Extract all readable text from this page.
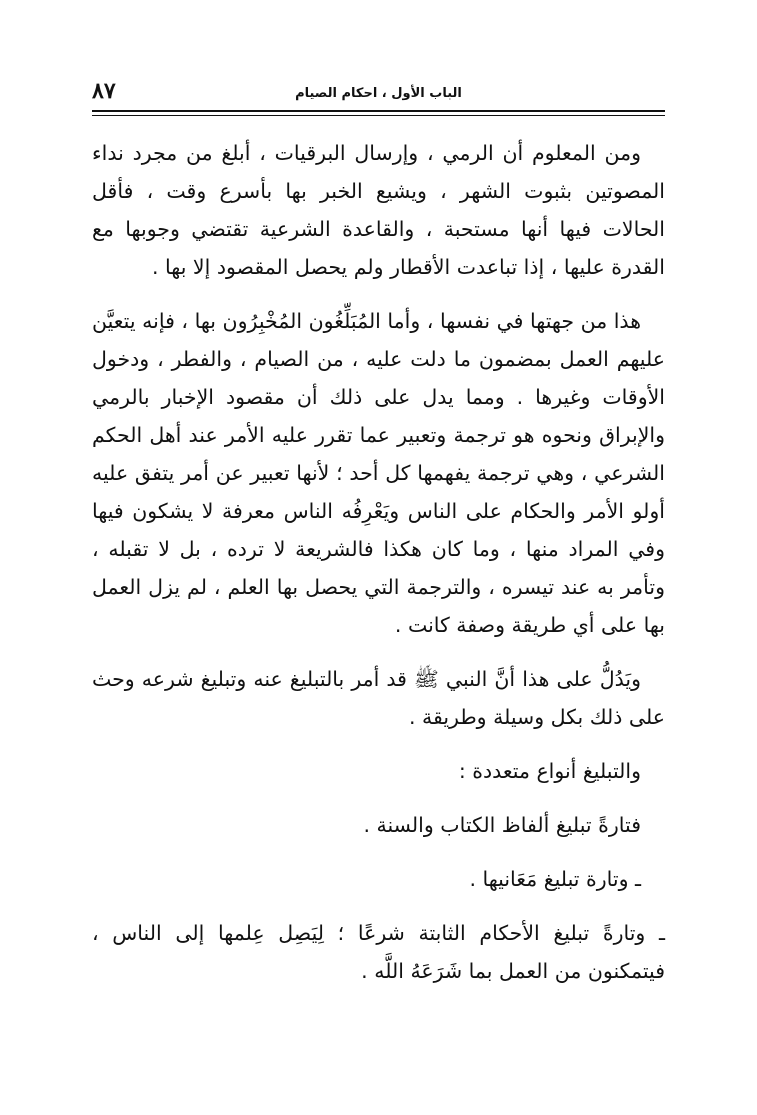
٨٧	الباب الأول ، احكام الصيام

ومن المعلوم أن الرمي ، وإرسال البرقيات ، أبلغ من مجرد نداء المصوتين بثبوت الشهر ، ويشيع الخبر بها بأسرع وقت ، فأقل الحالات فيها أنها مستحبة ، والقاعدة الشرعية تقتضي وجوبها مع القدرة عليها ، إذا تباعدت الأقطار ولم يحصل المقصود إلا بها .

هذا من جهتها في نفسها ، وأما المُبَلِّغُون المُخْبِرُون بها ، فإنه يتعيَّن عليهم العمل بمضمون ما دلت عليه ، من الصيام ، والفطر ، ودخول الأوقات وغيرها . ومما يدل على ذلك أن مقصود الإخبار بالرمي والإبراق ونحوه هو ترجمة وتعبير عما تقرر عليه الأمر عند أهل الحكم الشرعي ، وهي ترجمة يفهمها كل أحد ؛ لأنها تعبير عن أمر يتفق عليه أولو الأمر والحكام على الناس ويَعْرِفُه الناس معرفة لا يشكون فيها وفي المراد منها ، وما كان هكذا فالشريعة لا ترده ، بل لا تقبله ، وتأمر به عند تيسره ، والترجمة التي يحصل بها العلم ، لم يزل العمل بها على أي طريقة وصفة كانت .

ويَدُلُّ على هذا أنَّ النبي ﷺ قد أمر بالتبليغ عنه وتبليغ شرعه وحث على ذلك بكل وسيلة وطريقة .

والتبليغ أنواع متعددة :

فتارةً تبليغ ألفاظ الكتاب والسنة .

ـ وتارة تبليغ مَعَانيها .

ـ وتارةً تبليغ الأحكام الثابتة شرعًا ؛ لِيَصِل عِلمها إلى الناس ، فيتمكنون من العمل بما شَرَعَهُ اللَّه .
